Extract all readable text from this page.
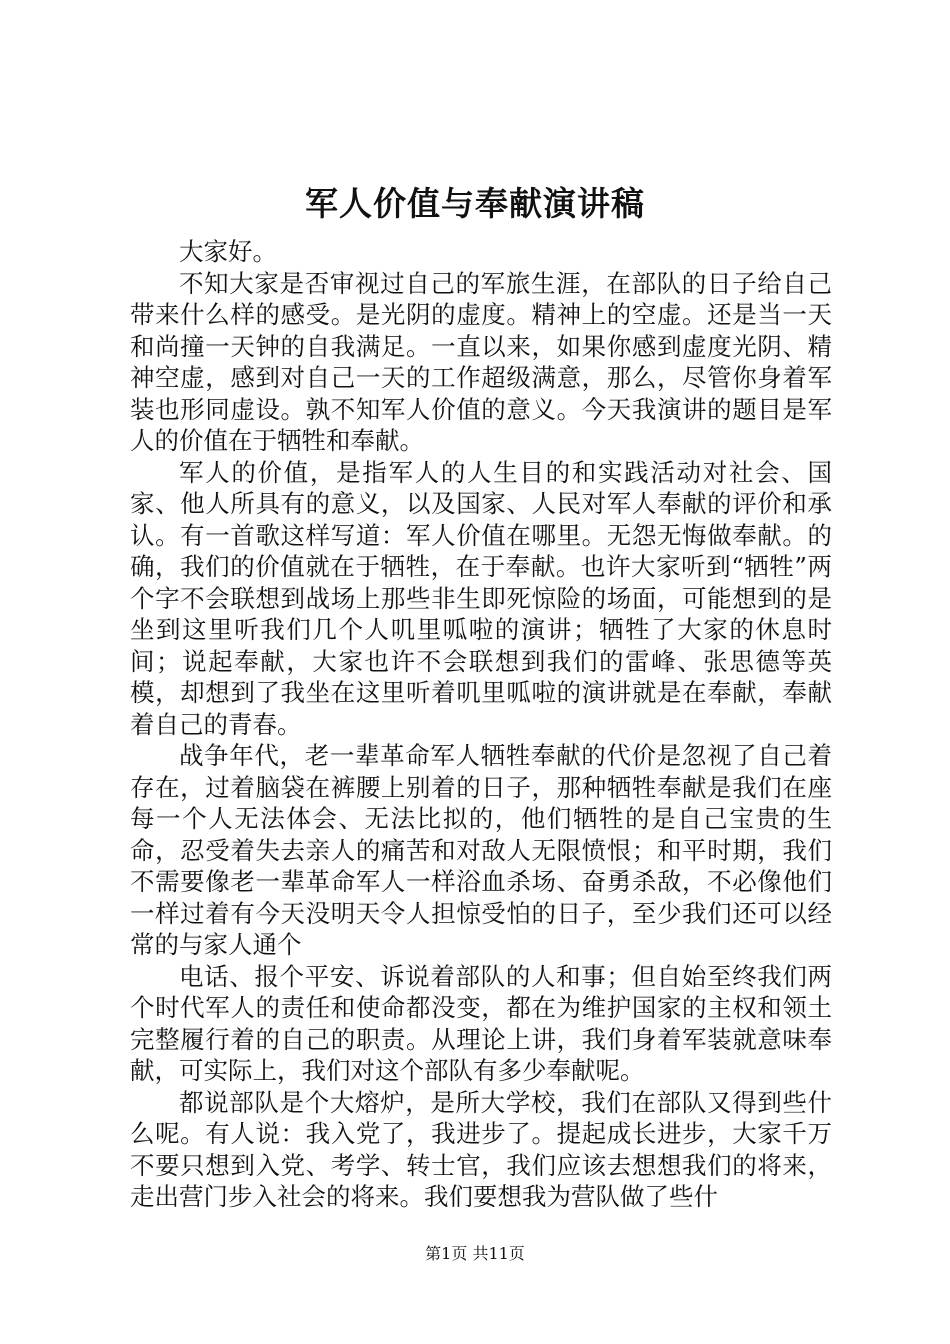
军人价值与奉献演讲稿

大家好。

不知大家是否审视过自己的军旅生涯，在部队的日子给自己带来什么样的感受。是光阴的虚度。精神上的空虚。还是当一天和尚撞一天钟的自我满足。一直以来，如果你感到虚度光阴、精神空虚，感到对自己一天的工作超级满意，那么，尽管你身着军装也形同虚设。孰不知军人价值的意义。今天我演讲的题目是军人的价值在于牺牲和奉献。

军人的价值，是指军人的人生目的和实践活动对社会、国家、他人所具有的意义，以及国家、人民对军人奉献的评价和承认。有一首歌这样写道：军人价值在哪里。无怨无悔做奉献。的确，我们的价值就在于牺牲，在于奉献。也许大家听到“牺牲”两个字不会联想到战场上那些非生即死惊险的场面，可能想到的是坐到这里听我们几个人叽里呱啦的演讲；牺牲了大家的休息时间；说起奉献，大家也许不会联想到我们的雷峰、张思德等英模，却想到了我坐在这里听着叽里呱啦的演讲就是在奉献，奉献着自己的青春。

战争年代，老一辈革命军人牺牲奉献的代价是忽视了自己着存在，过着脑袋在裤腰上别着的日子，那种牺牲奉献是我们在座每一个人无法体会、无法比拟的，他们牺牲的是自己宝贵的生命，忍受着失去亲人的痛苦和对敌人无限愤恨；和平时期，我们不需要像老一辈革命军人一样浴血杀场、奋勇杀敌，不必像他们一样过着有今天没明天令人担惊受怕的日子，至少我们还可以经常的与家人通个

电话、报个平安、诉说着部队的人和事；但自始至终我们两个时代军人的责任和使命都没变，都在为维护国家的主权和领土完整履行着的自己的职责。从理论上讲，我们身着军装就意味奉献，可实际上，我们对这个部队有多少奉献呢。

都说部队是个大熔炉，是所大学校，我们在部队又得到些什么呢。有人说：我入党了，我进步了。提起成长进步，大家千万不要只想到入党、考学、转士官，我们应该去想想我们的将来，走出营门步入社会的将来。我们要想我为营队做了些什

第1页 共11页
